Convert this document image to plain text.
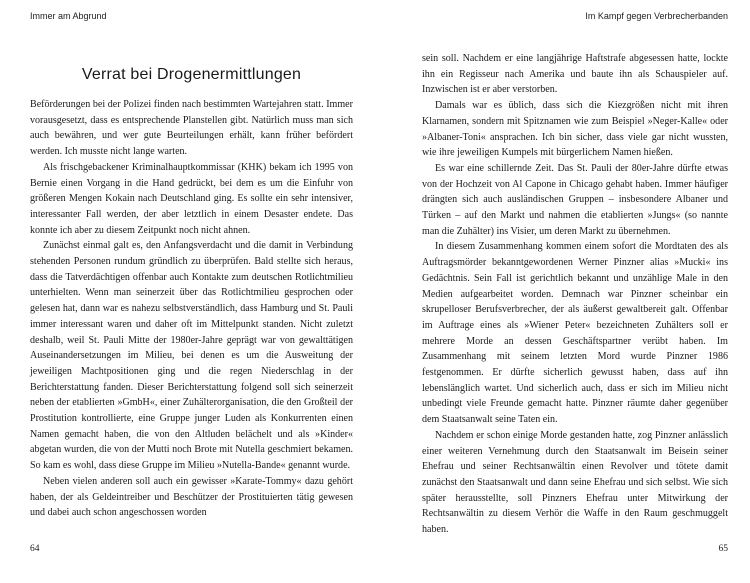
Immer am Abgrund
Verrat bei Drogenermittlungen

Beförderungen bei der Polizei finden nach bestimmten Wartejahren statt. Immer vorausgesetzt, dass es entsprechende Planstellen gibt. Natürlich muss man sich auch bewähren, und wer gute Beurteilungen erhält, kann früher befördert werden. Ich musste nicht lange warten.

Als frischgebackener Kriminalhauptkommissar (KHK) bekam ich 1995 von Bernie einen Vorgang in die Hand gedrückt, bei dem es um die Einfuhr von größeren Mengen Kokain nach Deutschland ging. Es sollte ein sehr intensiver, interessanter Fall werden, der aber letztlich in einem Desaster endete. Das konnte ich aber zu diesem Zeitpunkt noch nicht ahnen.

Zunächst einmal galt es, den Anfangsverdacht und die damit in Verbindung stehenden Personen rundum gründlich zu überprüfen. Bald stellte sich heraus, dass die Tatverdächtigen offenbar auch Kontakte zum deutschen Rotlichtmilieu unterhielten. Wenn man seinerzeit über das Rotlichtmilieu gesprochen oder gelesen hat, dann war es nahezu selbstverständlich, dass Hamburg und St. Pauli immer interessant waren und daher oft im Mittelpunkt standen. Nicht zuletzt deshalb, weil St. Pauli Mitte der 1980er-Jahre geprägt war von gewalttätigen Auseinandersetzungen im Milieu, bei denen es um die Ausweitung der jeweiligen Machtpositionen ging und die regen Niederschlag in der Berichterstattung fanden. Dieser Berichterstattung folgend soll sich seinerzeit neben der etablierten »GmbH«, einer Zuhälterorganisation, die den Großteil der Prostitution kontrollierte, eine Gruppe junger Luden als Konkurrenten einen Namen gemacht haben, die von den Altluden belächelt und als »Kinder« abgetan wurden, die von der Mutti noch Brote mit Nutella geschmiert bekamen. So kam es wohl, dass diese Gruppe im Milieu »Nutella-Bande« genannt wurde.

Neben vielen anderen soll auch ein gewisser »Karate-Tommy« dazu gehört haben, der als Geldeintreiber und Beschützer der Prostituierten tätig gewesen und dabei auch schon angeschossen worden

64
Im Kampf gegen Verbrecherbanden

sein soll. Nachdem er eine langjährige Haftstrafe abgesessen hatte, lockte ihn ein Regisseur nach Amerika und baute ihn als Schauspieler auf. Inzwischen ist er aber verstorben.

Damals war es üblich, dass sich die Kiezgrößen nicht mit ihren Klarnamen, sondern mit Spitznamen wie zum Beispiel »Neger-Kalle« oder »Albaner-Toni« ansprachen. Ich bin sicher, dass viele gar nicht wussten, wie ihre jeweiligen Kumpels mit bürgerlichem Namen hießen.

Es war eine schillernde Zeit. Das St. Pauli der 80er-Jahre dürfte etwas von der Hochzeit von Al Capone in Chicago gehabt haben. Immer häufiger drängten sich auch ausländischen Gruppen – insbesondere Albaner und Türken – auf den Markt und nahmen die etablierten »Jungs« (so nannte man die Zuhälter) ins Visier, um deren Markt zu übernehmen.

In diesem Zusammenhang kommen einem sofort die Mordtaten des als Auftragsmörder bekanntgewordenen Werner Pinzner alias »Mucki« ins Gedächtnis. Sein Fall ist gerichtlich bekannt und unzählige Male in den Medien aufgearbeitet worden. Demnach war Pinzner scheinbar ein skrupelloser Berufsverbrecher, der als äußerst gewaltbereit galt. Offenbar im Auftrage eines als »Wiener Peter« bezeichneten Zuhälters soll er mehrere Morde an dessen Geschäftspartner verübt haben. Im Zusammenhang mit seinem letzten Mord wurde Pinzner 1986 festgenommen. Er dürfte sicherlich gewusst haben, dass auf ihn lebenslänglich wartet. Und sicherlich auch, dass er sich im Milieu nicht unbedingt viele Freunde gemacht hatte. Pinzner räumte daher gegenüber dem Staatsanwalt seine Taten ein.

Nachdem er schon einige Morde gestanden hatte, zog Pinzner anlässlich einer weiteren Vernehmung durch den Staatsanwalt im Beisein seiner Ehefrau und seiner Rechtsanwältin einen Revolver und tötete damit zunächst den Staatsanwalt und dann seine Ehefrau und sich selbst. Wie sich später herausstellte, soll Pinzners Ehefrau unter Mitwirkung der Rechtsanwältin zu diesem Verhör die Waffe in den Raum geschmuggelt haben.

65
